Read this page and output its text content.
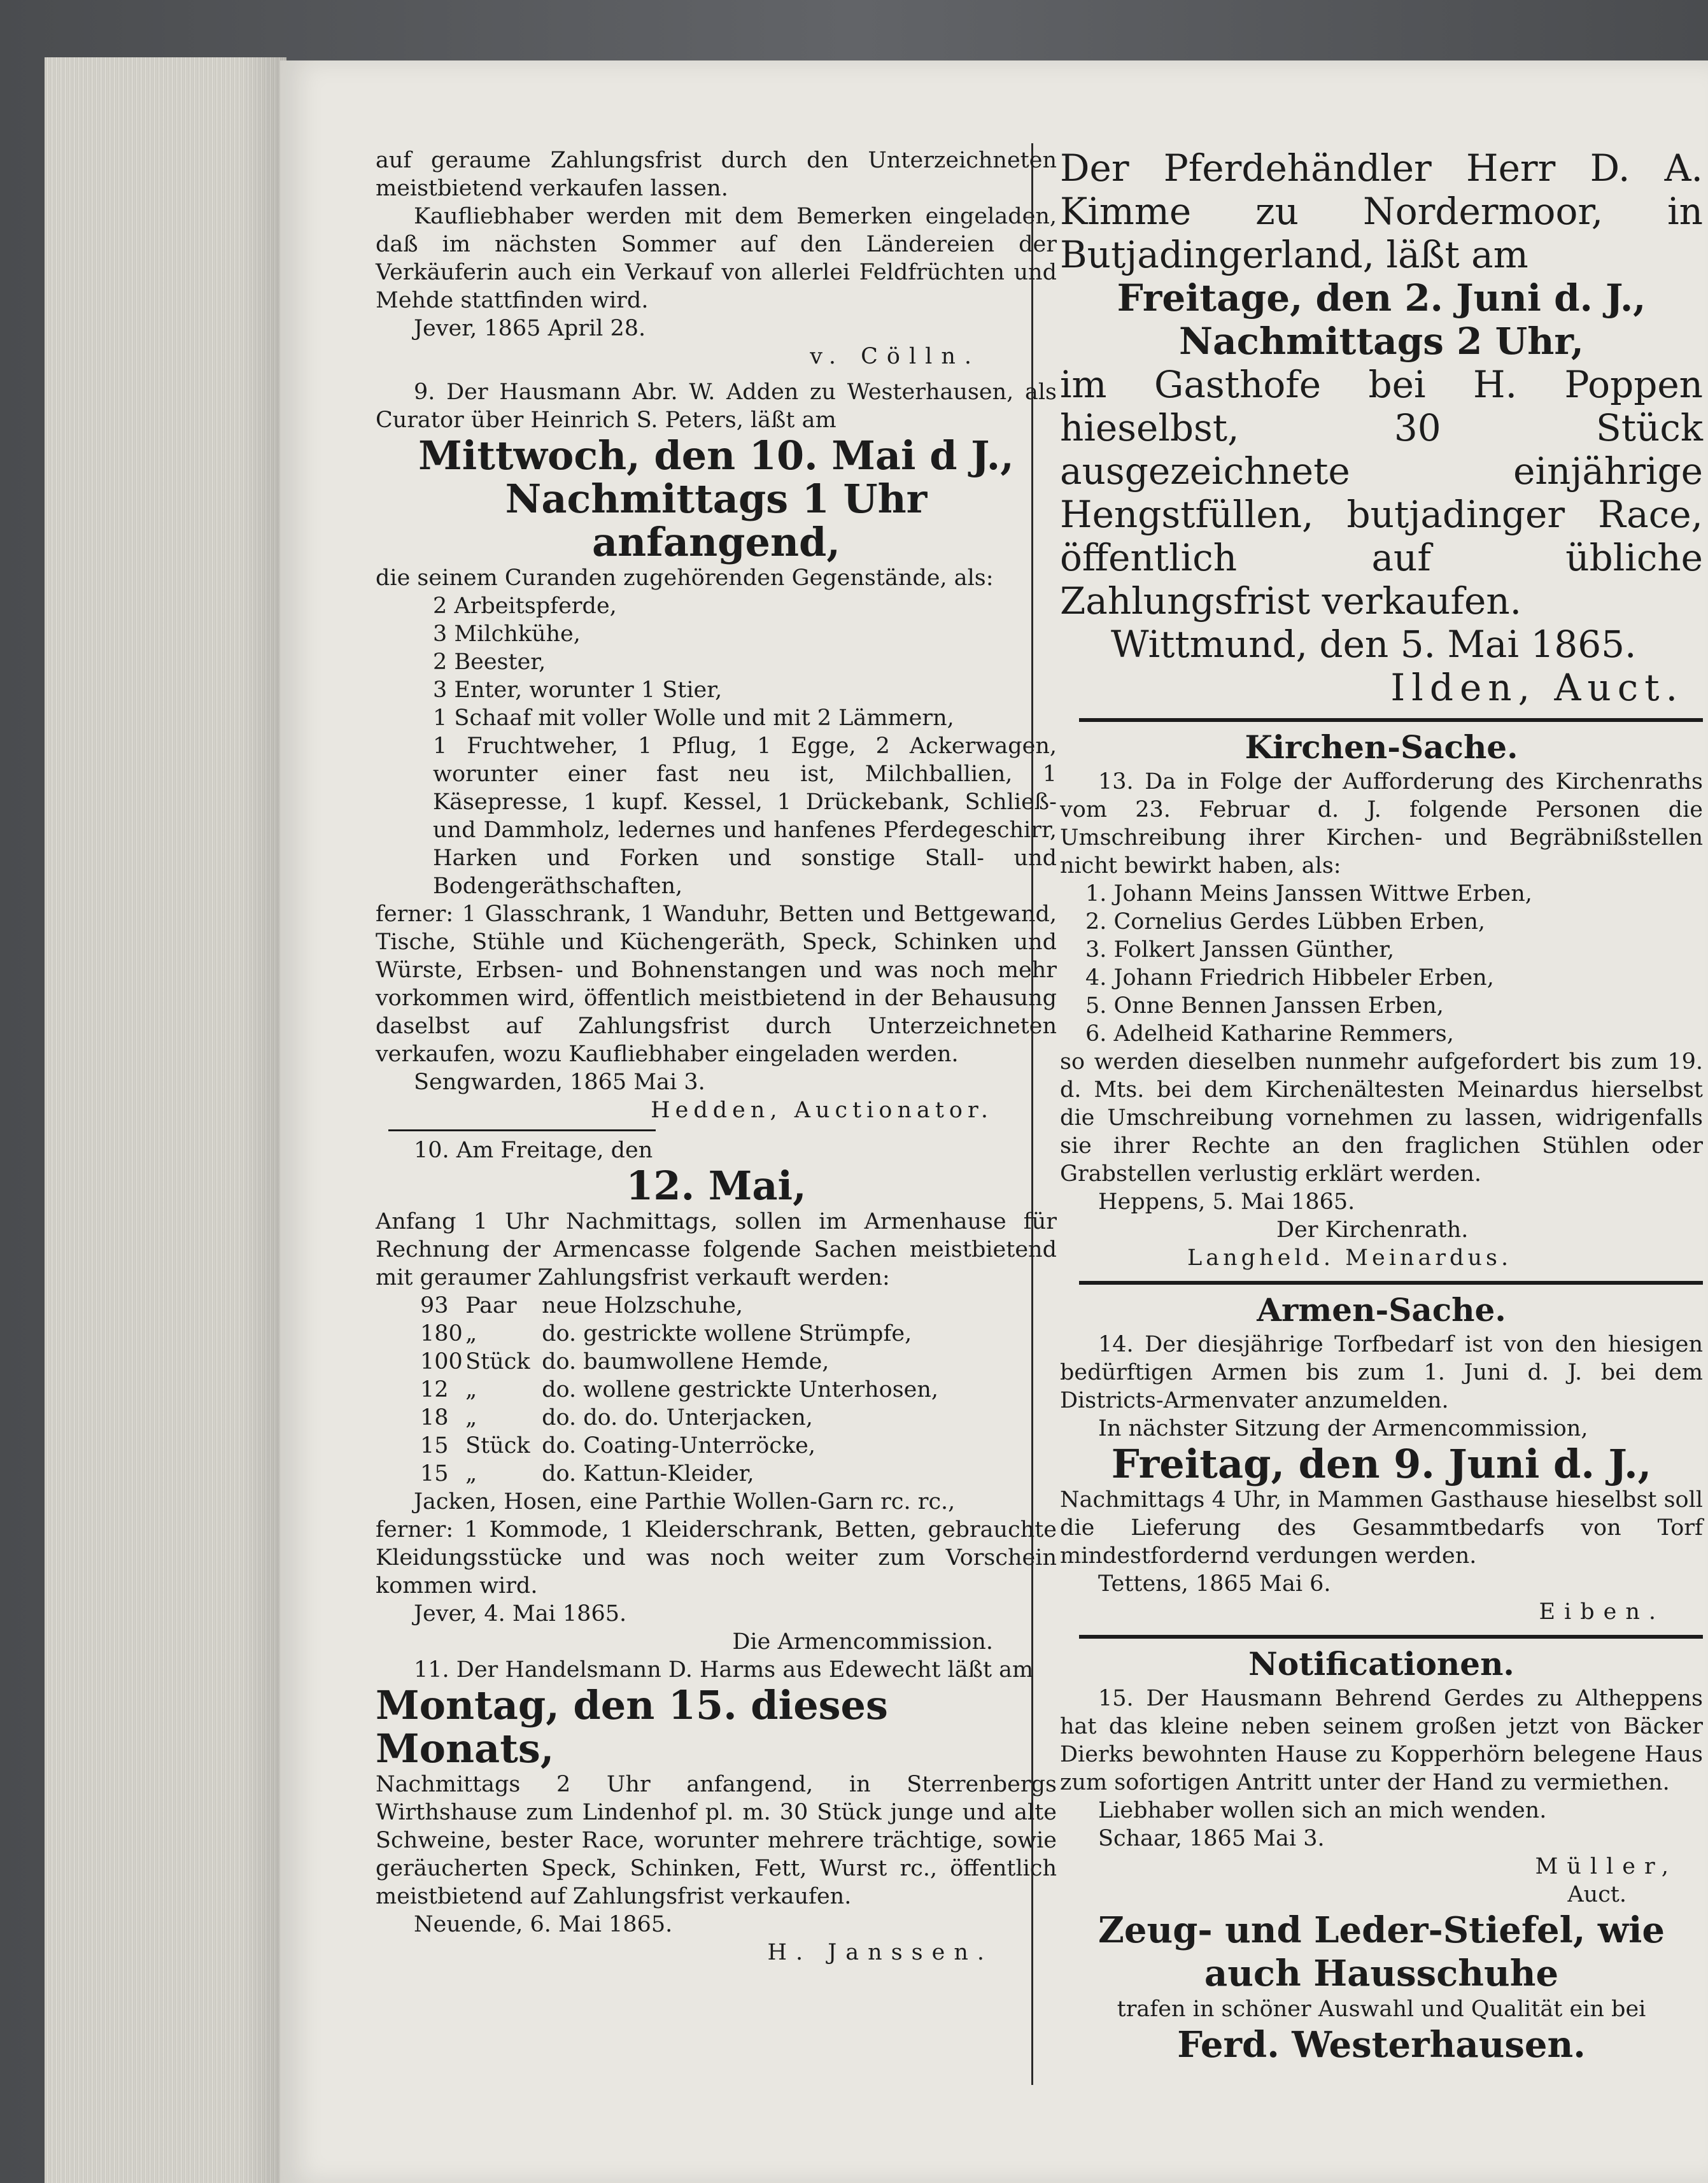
auf geraume Zahlungsfrist durch den Unterzeichneten meistbietend verkaufen lassen.

Kaufliebhaber werden mit dem Bemerken eingeladen, daß im nächsten Sommer auf den Ländereien der Verkäuferin auch ein Verkauf von allerlei Feldfrüchten und Mehde stattfinden wird.

Jever, 1865 April 28.

v. Cölln.

9. Der Hausmann Abr. W. Adden zu Westerhausen, als Curator über Heinrich S. Peters, läßt am

Mittwoch, den 10. Mai d J.,

Nachmittags 1 Uhr anfangend,

die seinem Curanden zugehörenden Gegenstände, als:

2 Arbeitspferde,

3 Milchkühe,

2 Beester,

3 Enter, worunter 1 Stier,

1 Schaaf mit voller Wolle und mit 2 Lämmern,

1 Fruchtweher, 1 Pflug, 1 Egge, 2 Ackerwagen, worunter einer fast neu ist, Milchballien, 1 Käsepresse, 1 kupf. Kessel, 1 Drückebank, Schließ- und Dammholz, ledernes und hanfenes Pferdegeschirr, Harken und Forken und sonstige Stall- und Bodengeräthschaften,

ferner: 1 Glasschrank, 1 Wanduhr, Betten und Bettgewand, Tische, Stühle und Küchengeräth, Speck, Schinken und Würste, Erbsen- und Bohnenstangen und was noch mehr vorkommen wird, öffentlich meistbietend in der Behausung daselbst auf Zahlungsfrist durch Unterzeichneten verkaufen, wozu Kaufliebhaber eingeladen werden.

Sengwarden, 1865 Mai 3.

Hedden, Auctionator.

10. Am Freitage, den

12. Mai,

Anfang 1 Uhr Nachmittags, sollen im Armenhause für Rechnung der Armencasse folgende Sachen meistbietend mit geraumer Zahlungsfrist verkauft werden:

93 Paar neue Holzschuhe,

180 „	do. gestrickte wollene Strümpfe,

100 Stück do. baumwollene Hemde,

12 „	do. wollene gestrickte Unterhosen,

18 „	do. do. do. Unterjacken,

15 Stück do. Coating-Unterröcke,

15 „	do. Kattun-Kleider,

Jacken, Hosen, eine Parthie Wollen-Garn rc. rc.,

ferner: 1 Kommode, 1 Kleiderschrank, Betten, gebrauchte Kleidungsstücke und was noch weiter zum Vorschein kommen wird.

Jever, 4. Mai 1865.

Die Armencommission.

11. Der Handelsmann D. Harms aus Edewecht läßt am

Montag, den 15. dieses Monats,

Nachmittags 2 Uhr anfangend, in Sterrenbergs Wirthshause zum Lindenhof pl. m. 30 Stück junge und alte Schweine, bester Race, worunter mehrere trächtige, sowie geräucherten Speck, Schinken, Fett, Wurst rc., öffentlich meistbietend auf Zahlungsfrist verkaufen.

Neuende, 6. Mai 1865.

H. Janssen.

Der Pferdehändler Herr D. A. Kimme zu Nordermoor, in Butjadingerland, läßt am

Freitage, den 2. Juni d. J.,

Nachmittags 2 Uhr,

im Gasthofe bei H. Poppen hieselbst, 30 Stück ausgezeichnete einjährige Hengstfüllen, butjadinger Race, öffentlich auf übliche Zahlungsfrist verkaufen.

Wittmund, den 5. Mai 1865.

Ilden, Auct.

Kirchen-Sache.

13. Da in Folge der Aufforderung des Kirchenraths vom 23. Februar d. J. folgende Personen die Umschreibung ihrer Kirchen- und Begräbnißstellen nicht bewirkt haben, als:

1. Johann Meins Janssen Wittwe Erben,

2. Cornelius Gerdes Lübben Erben,

3. Folkert Janssen Günther,

4. Johann Friedrich Hibbeler Erben,

5. Onne Bennen Janssen Erben,

6. Adelheid Katharine Remmers,

so werden dieselben nunmehr aufgefordert bis zum 19. d. Mts. bei dem Kirchenältesten Meinardus hierselbst die Umschreibung vornehmen zu lassen, widrigenfalls sie ihrer Rechte an den fraglichen Stühlen oder Grabstellen verlustig erklärt werden.

Heppens, 5. Mai 1865.

Der Kirchenrath.

Langheld. Meinardus.

Armen-Sache.

14. Der diesjährige Torfbedarf ist von den hiesigen bedürftigen Armen bis zum 1. Juni d. J. bei dem Districts-Armenvater anzumelden.

In nächster Sitzung der Armencommission,

Freitag, den 9. Juni d. J.,

Nachmittags 4 Uhr, in Mammen Gasthause hieselbst soll die Lieferung des Gesammtbedarfs von Torf mindestfordernd verdungen werden.

Tettens, 1865 Mai 6.

Eiben.

Notificationen.

15. Der Hausmann Behrend Gerdes zu Altheppens hat das kleine neben seinem großen jetzt von Bäcker Dierks bewohnten Hause zu Kopperhörn belegene Haus zum sofortigen Antritt unter der Hand zu vermiethen.

Liebhaber wollen sich an mich wenden.

Schaar, 1865 Mai 3.

Müller,

Auct.

Zeug- und Leder-Stiefel, wie

auch Hausschuhe

trafen in schöner Auswahl und Qualität ein bei

Ferd. Westerhausen.
